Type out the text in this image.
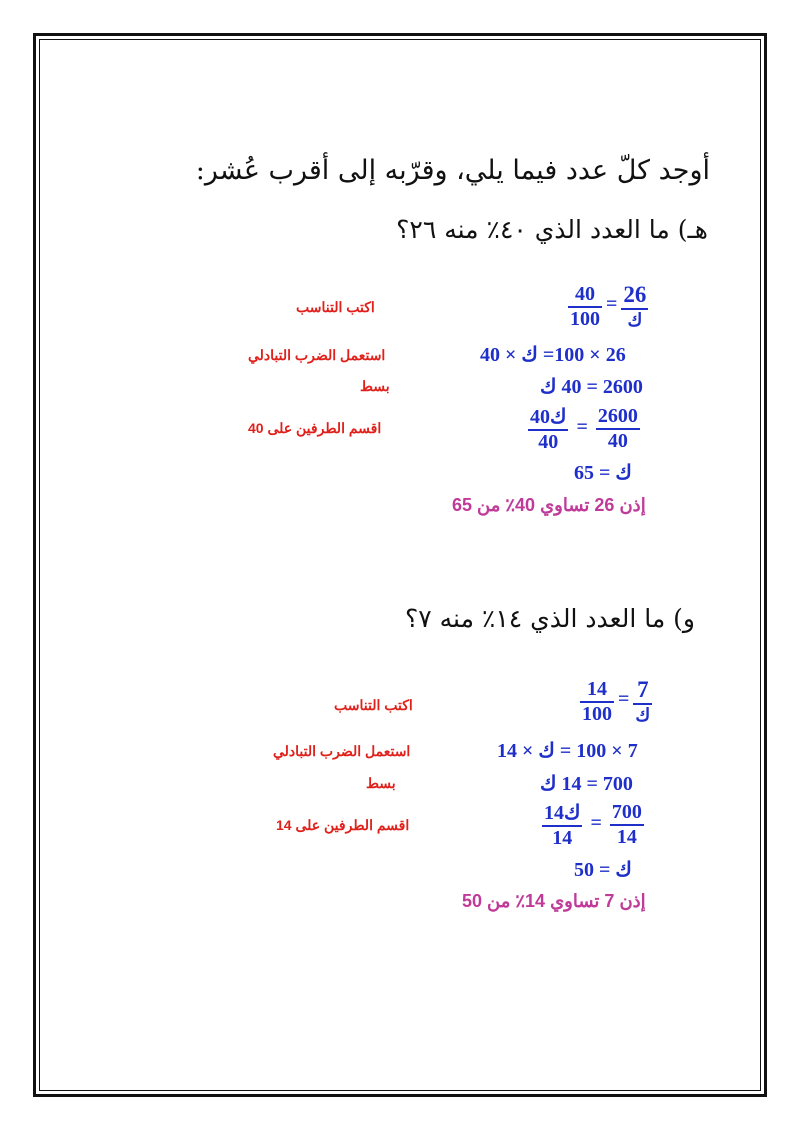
أوجد كلّ عدد فيما يلي، وقرّبه إلى أقرب عُشر:
هـ) ما العدد الذي ٤٠٪ منه ٢٦؟
$\frac{40}{100} = \frac{26}{\text{ك}}$
اكتب التناسب
26 × 100= ك × 40
استعمل الضرب التبادلي
2600 = 40 ك
بسط
$\frac{\text{40ك}}{40} = \frac{2600}{40}$
اقسم الطرفين على 40
ك = 65
إذن 26 تساوي 40٪ من 65
و) ما العدد الذي ١٤٪ منه ٧؟
$\frac{14}{100} = \frac{7}{\text{ك}}$
اكتب التناسب
7 × 100 = ك × 14
استعمل الضرب التبادلي
700 = 14 ك
بسط
$\frac{\text{14ك}}{14} = \frac{700}{14}$
اقسم الطرفين على 14
ك = 50
إذن 7 تساوي 14٪ من 50
